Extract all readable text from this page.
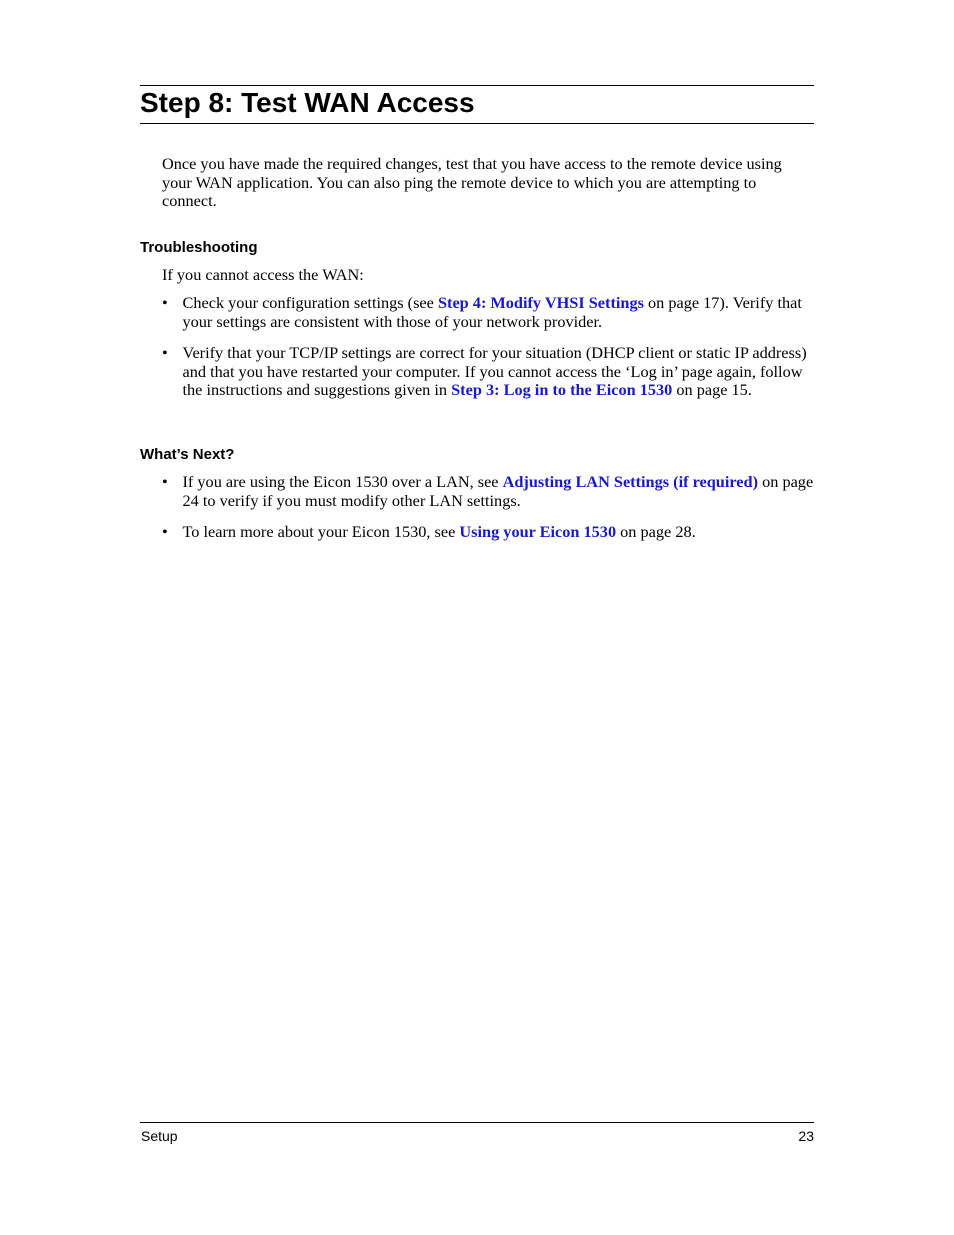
Step 8: Test WAN Access

Once you have made the required changes, test that you have access to the remote device using your WAN application. You can also ping the remote device to which you are attempting to connect.

Troubleshooting

If you cannot access the WAN:

• Check your configuration settings (see Step 4: Modify VHSI Settings on page 17). Verify that your settings are consistent with those of your network provider.
• Verify that your TCP/IP settings are correct for your situation (DHCP client or static IP address) and that you have restarted your computer. If you cannot access the ‘Log in’ page again, follow the instructions and suggestions given in Step 3: Log in to the Eicon 1530 on page 15.
What’s Next?
• If you are using the Eicon 1530 over a LAN, see Adjusting LAN Settings (if required) on page 24 to verify if you must modify other LAN settings.
• To learn more about your Eicon 1530, see Using your Eicon 1530 on page 28.

Setup	23
